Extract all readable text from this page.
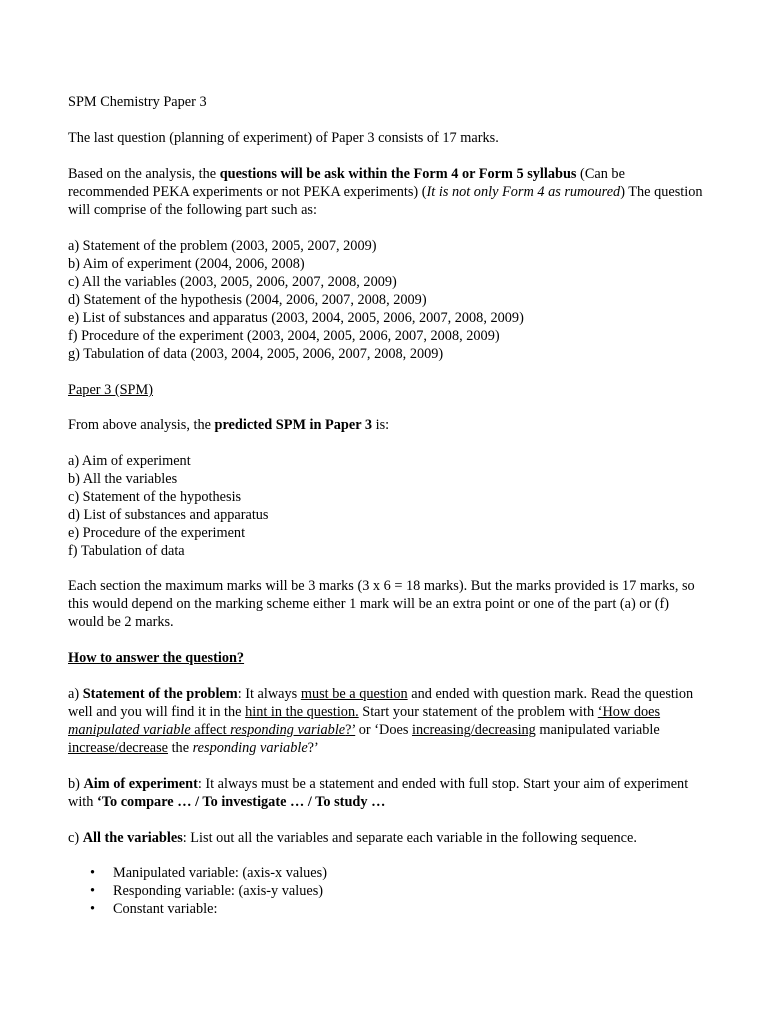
SPM Chemistry Paper 3

The last question (planning of experiment) of Paper 3 consists of 17 marks.

Based on the analysis, the questions will be ask within the Form 4 or Form 5 syllabus (Can be recommended PEKA experiments or not PEKA experiments) (It is not only Form 4 as rumoured) The question will comprise of the following part such as:

a) Statement of the problem (2003, 2005, 2007, 2009)

b) Aim of experiment (2004, 2006, 2008)

c) All the variables (2003, 2005, 2006, 2007, 2008, 2009)

d) Statement of the hypothesis (2004, 2006, 2007, 2008, 2009)

e) List of substances and apparatus (2003, 2004, 2005, 2006, 2007, 2008, 2009)

f) Procedure of the experiment (2003, 2004, 2005, 2006, 2007, 2008, 2009)

g) Tabulation of data (2003, 2004, 2005, 2006, 2007, 2008, 2009)

Paper 3 (SPM)

From above analysis, the predicted SPM in Paper 3 is:

a) Aim of experiment

b) All the variables

c) Statement of the hypothesis

d) List of substances and apparatus

e) Procedure of the experiment

f) Tabulation of data

Each section the maximum marks will be 3 marks (3 x 6 = 18 marks). But the marks provided is 17 marks, so this would depend on the marking scheme either 1 mark will be an extra point or one of the part (a) or (f) would be 2 marks.

How to answer the question?

a) Statement of the problem: It always must be a question and ended with question mark. Read the question well and you will find it in the hint in the question. Start your statement of the problem with ‘How does manipulated variable affect responding variable?’ or ‘Does increasing/decreasing manipulated variable increase/decrease the responding variable?’

b) Aim of experiment: It always must be a statement and ended with full stop. Start your aim of experiment with ‘To compare … / To investigate … / To study …

c) All the variables: List out all the variables and separate each variable in the following sequence.

• Manipulated variable: (axis-x values)
• Responding variable: (axis-y values)
• Constant variable:
